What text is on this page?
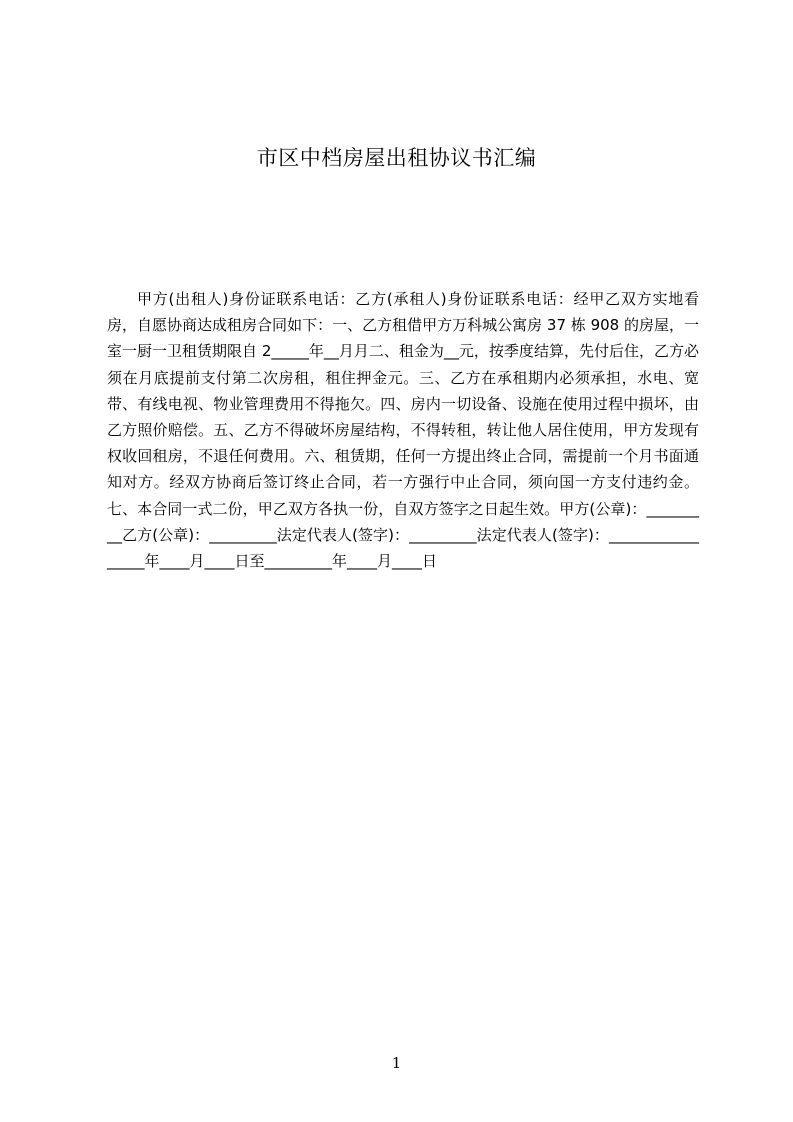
市区中档房屋出租协议书汇编

甲方(出租人)身份证联系电话：乙方(承租人)身份证联系电话：经甲乙双方实地看房，自愿协商达成租房合同如下：一、乙方租借甲方万科城公寓房 37 栋 908 的房屋，一室一厨一卫租赁期限自 2_____年__月月二、租金为__元，按季度结算，先付后住，乙方必须在月底提前支付第二次房租，租住押金元。三、乙方在承租期内必须承担，水电、宽带、有线电视、物业管理费用不得拖欠。四、房内一切设备、设施在使用过程中损坏，由乙方照价赔偿。五、乙方不得破坏房屋结构，不得转租，转让他人居住使用，甲方发现有权收回租房，不退任何费用。六、租赁期，任何一方提出终止合同，需提前一个月书面通知对方。经双方协商后签订终止合同，若一方强行中止合同，须向国一方支付违约金。七、本合同一式二份，甲乙双方各执一份，自双方签字之日起生效。甲方(公章)：_________乙方(公章)：_________法定代表人(签字)：_________法定代表人(签字)：_________________年____月____日至_________年____月____日

1
